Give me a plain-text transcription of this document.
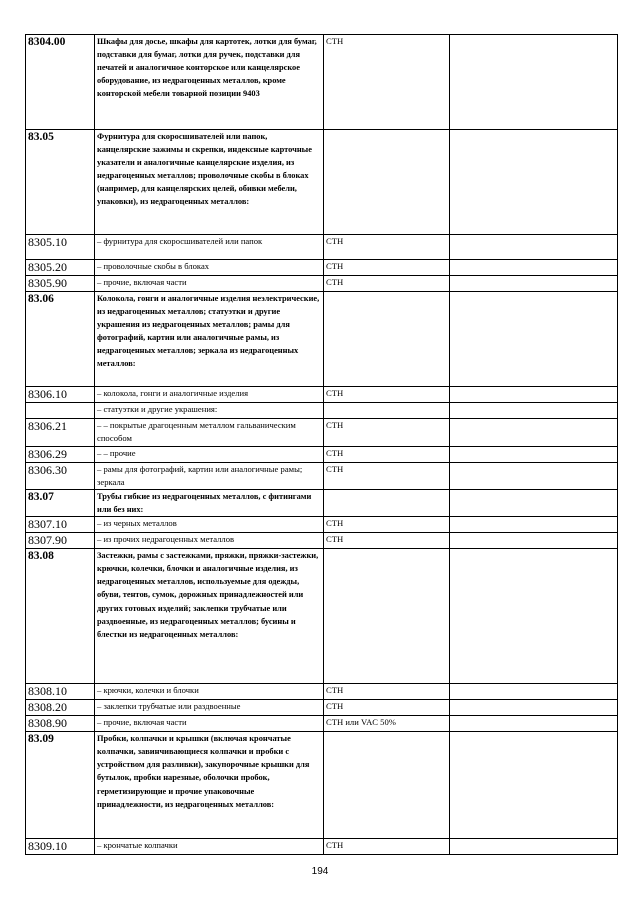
8304.00	Шкафы для досье, шкафы для картотек, лотки для бумаг, подставки для бумаг, лотки для ручек, подставки для печатей и аналогичное конторское или канцелярское оборудование, из недрагоценных металлов, кроме конторской мебели товарной позиции 9403	СТН	
83.05	Фурнитура для скоросшивателей или папок, канцелярские зажимы и скрепки, индексные карточные указатели и аналогичные канцелярские изделия, из недрагоценных металлов; проволочные скобы в блоках (например, для канцелярских целей, обивки мебели, упаковки), из недрагоценных металлов:		
8305.10	– фурнитура для скоросшивателей или папок	СТН	
8305.20	– проволочные скобы в блоках	СТН	
8305.90	– прочие, включая части	СТН	
83.06	Колокола, гонги и аналогичные изделия неэлектрические, из недрагоценных металлов; статуэтки и другие украшения из недрагоценных металлов; рамы для фотографий, картин или аналогичные рамы, из недрагоценных металлов; зеркала из недрагоценных металлов:		
8306.10	– колокола, гонги и аналогичные изделия	СТН	
	– статуэтки и другие украшения:		
8306.21	– – покрытые драгоценным металлом гальваническим способом	СТН	
8306.29	– – прочие	СТН	
8306.30	– рамы для фотографий, картин или аналогичные рамы; зеркала	СТН	
83.07	Трубы гибкие из недрагоценных металлов, с фитингами или без них:		
8307.10	– из черных металлов	СТН	
8307.90	– из прочих недрагоценных металлов	СТН	
83.08	Застежки, рамы с застежками, пряжки, пряжки-застежки, крючки, колечки, блочки и аналогичные изделия, из недрагоценных металлов, используемые для одежды, обуви, тентов, сумок, дорожных принадлежностей или других готовых изделий; заклепки трубчатые или раздвоенные, из недрагоценных металлов; бусины и блестки из недрагоценных металлов:		
8308.10	– крючки, колечки и блочки	СТН	
8308.20	– заклепки трубчатые или раздвоенные	СТН	
8308.90	– прочие, включая части	СТН или VAC 50%	
83.09	Пробки, колпачки и крышки (включая крончатые колпачки, завинчивающиеся колпачки и пробки с устройством для разливки), закупорочные крышки для бутылок, пробки нарезные, оболочки пробок, герметизирующие и прочие упаковочные принадлежности, из недрагоценных металлов:		
8309.10	– крончатые колпачки	СТН	
194
